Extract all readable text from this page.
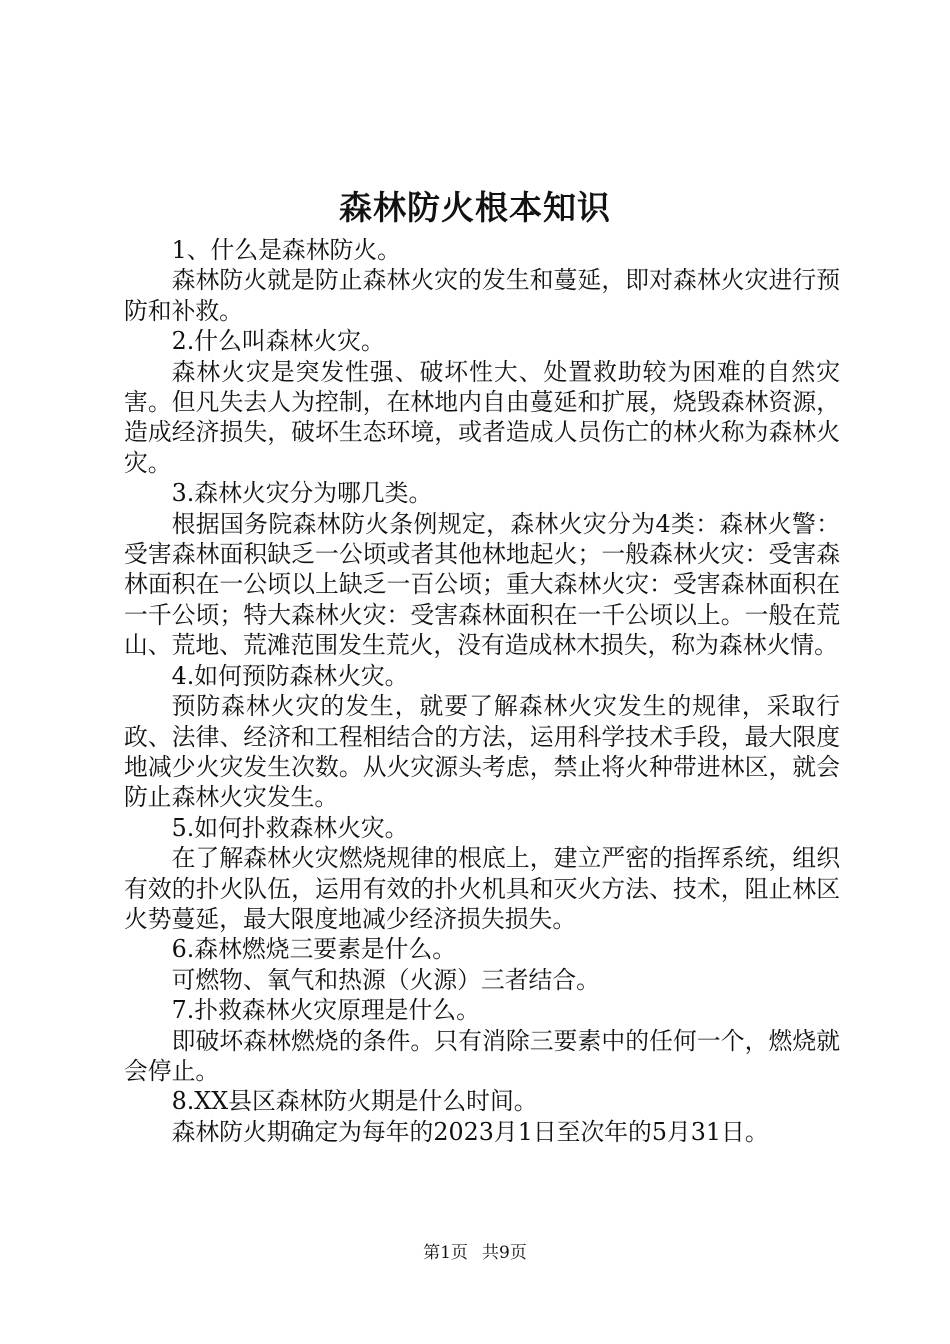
森林防火根本知识

1、什么是森林防火。

森林防火就是防止森林火灾的发生和蔓延，即对森林火灾进行预防和补救。

2.什么叫森林火灾。

森林火灾是突发性强、破坏性大、处置救助较为困难的自然灾害。但凡失去人为控制，在林地内自由蔓延和扩展，烧毁森林资源，造成经济损失，破坏生态环境，或者造成人员伤亡的林火称为森林火灾。

3.森林火灾分为哪几类。

根据国务院森林防火条例规定，森林火灾分为4类：森林火警：受害森林面积缺乏一公顷或者其他林地起火；一般森林火灾：受害森林面积在一公顷以上缺乏一百公顷；重大森林火灾：受害森林面积在一千公顷；特大森林火灾：受害森林面积在一千公顷以上。一般在荒山、荒地、荒滩范围发生荒火，没有造成林木损失，称为森林火情。

4.如何预防森林火灾。

预防森林火灾的发生，就要了解森林火灾发生的规律，采取行政、法律、经济和工程相结合的方法，运用科学技术手段，最大限度地减少火灾发生次数。从火灾源头考虑，禁止将火种带进林区，就会防止森林火灾发生。

5.如何扑救森林火灾。

在了解森林火灾燃烧规律的根底上，建立严密的指挥系统，组织有效的扑火队伍，运用有效的扑火机具和灭火方法、技术，阻止林区火势蔓延，最大限度地减少经济损失损失。

6.森林燃烧三要素是什么。

可燃物、氧气和热源（火源）三者结合。

7.扑救森林火灾原理是什么。

即破坏森林燃烧的条件。只有消除三要素中的任何一个，燃烧就会停止。

8.XX县区森林防火期是什么时间。

森林防火期确定为每年的2023月1日至次年的5月31日。

第1页 共9页
